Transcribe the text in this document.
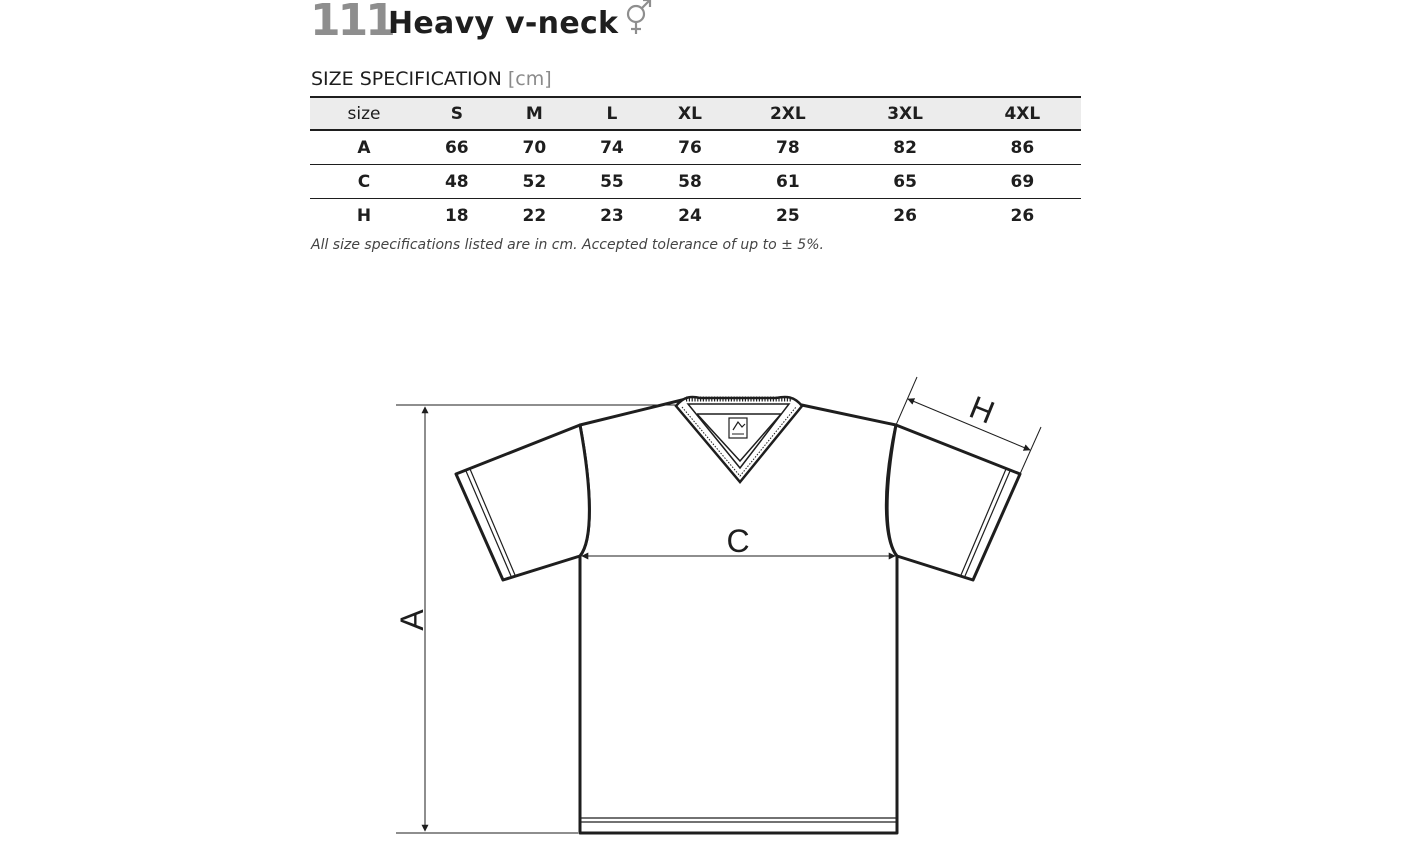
111
Heavy v-neck
SIZE SPECIFICATION [cm]
size	S	M	L	XL	2XL	3XL	4XL
A	66	70	74	76	78	82	86
C	48	52	55	58	61	65	69
H	18	22	23	24	25	26	26
All size specifications listed are in cm. Accepted tolerance of up to ± 5%.
A
C
H
